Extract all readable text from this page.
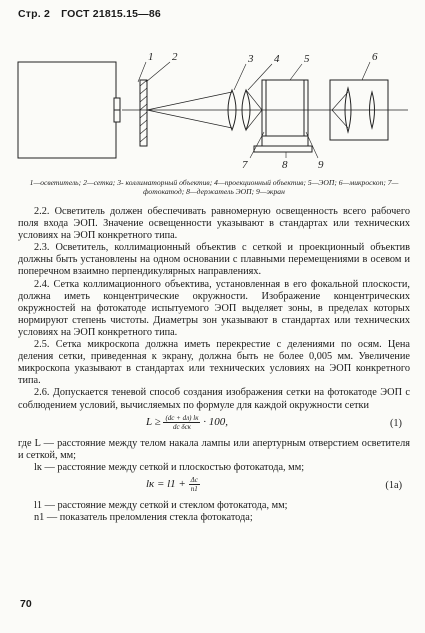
Стр. 2 ГОСТ 21815.15—86
1 2	3 4 5	6
7	8	9
1—осветитель; 2—сетка; 3- коллиматорный объектив; 4—проекционный объектив; 5—ЭОП; 6—микроскоп; 7—фотокатод; 8—держатель ЭОП; 9—экран

2.2. Осветитель должен обеспечивать равномерную освещенность всего рабочего поля входа ЭОП. Значение освещенности указывают в стандартах или технических условиях на ЭОП конкретного типа.

2.3. Осветитель, коллимационный объектив с сеткой и проекционный объектив должны быть установлены на одном основании с плавными перемещениями в осевом и поперечном взаимно перпендикулярных направлениях.

2.4. Сетка коллимационного объектива, установленная в его фокальной плоскости, должна иметь концентрические окружности. Изображение концентрических окружностей на фотокатоде испытуемого ЭОП выделяет зоны, в пределах которых нормируют степень чистоты. Диаметры зон указывают в стандартах или технических условиях на ЭОП конкретного типа.

2.5. Сетка микроскопа должна иметь перекрестие с делениями по осям. Цена деления сетки, приведенная к экрану, должна быть не более 0,005 мм. Увеличение микроскопа указывают в стандартах или технических условиях на ЭОП конкретного типа.

2.6. Допускается теневой способ создания изображения сетки на фотокатоде ЭОП с соблюдением условий, вычисляемых по формуле для каждой окружности сетки

$L \ge \frac{(dc + dл) lк}{\text{dc δcк}} \cdot 100$,	(1)

где L — расстояние между телом накала лампы или апертурным отверстием осветителя и сеткой, мм;

lк — расстояние между сеткой и плоскостью фотокатода, мм;

lк = $l1 + \frac{\Delta c}{n1}$	(1а)

l1 — расстояние между сеткой и стеклом фотокатода, мм;

n1 — показатель преломления стекла фотокатода;

70
